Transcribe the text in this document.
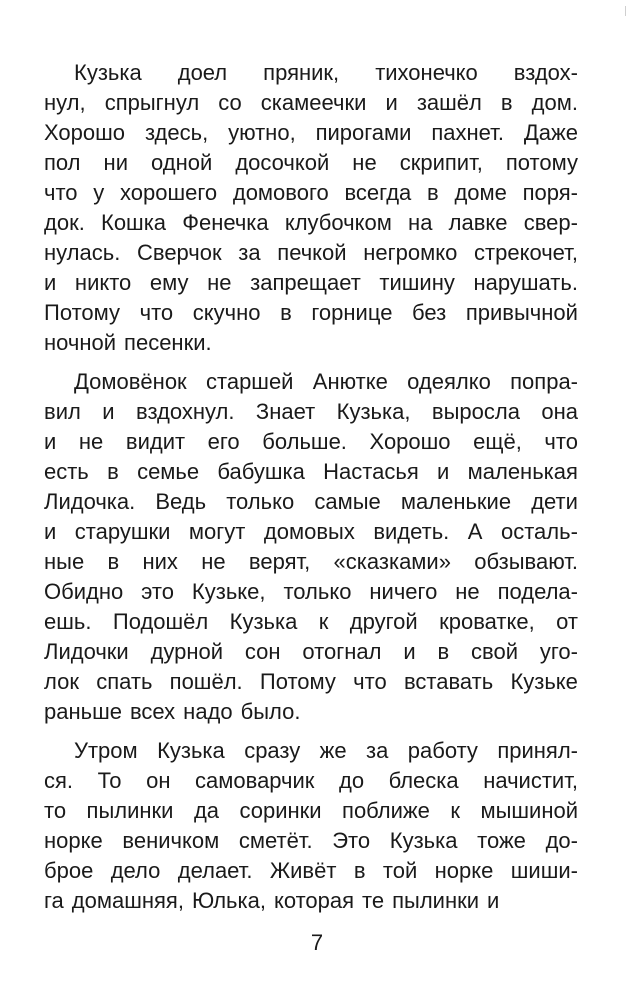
Кузька доел пряник, тихонечко вздох-
нул, спрыгнул со скамеечки и зашёл в дом.
Хорошо здесь, уютно, пирогами пахнет. Даже
пол ни одной досочкой не скрипит, потому
что у хорошего домового всегда в доме поря-
док. Кошка Фенечка клубочком на лавке свер-
нулась. Сверчок за печкой негромко стрекочет,
и никто ему не запрещает тишину нарушать.
Потому что скучно в горнице без привычной
ночной песенки.
Домовёнок старшей Анютке одеялко попра-
вил и вздохнул. Знает Кузька, выросла она
и не видит его больше. Хорошо ещё, что
есть в семье бабушка Настасья и маленькая
Лидочка. Ведь только самые маленькие дети
и старушки могут домовых видеть. А осталь-
ные в них не верят, «сказками» обзывают.
Обидно это Кузьке, только ничего не подела-
ешь. Подошёл Кузька к другой кроватке, от
Лидочки дурной сон отогнал и в свой уго-
лок спать пошёл. Потому что вставать Кузьке
раньше всех надо было.
Утром Кузька сразу же за работу принял-
ся. То он самоварчик до блеска начистит,
то пылинки да соринки поближе к мышиной
норке веничком сметёт. Это Кузька тоже до-
брое дело делает. Живёт в той норке шиши-
га домашняя, Юлька, которая те пылинки и
7
